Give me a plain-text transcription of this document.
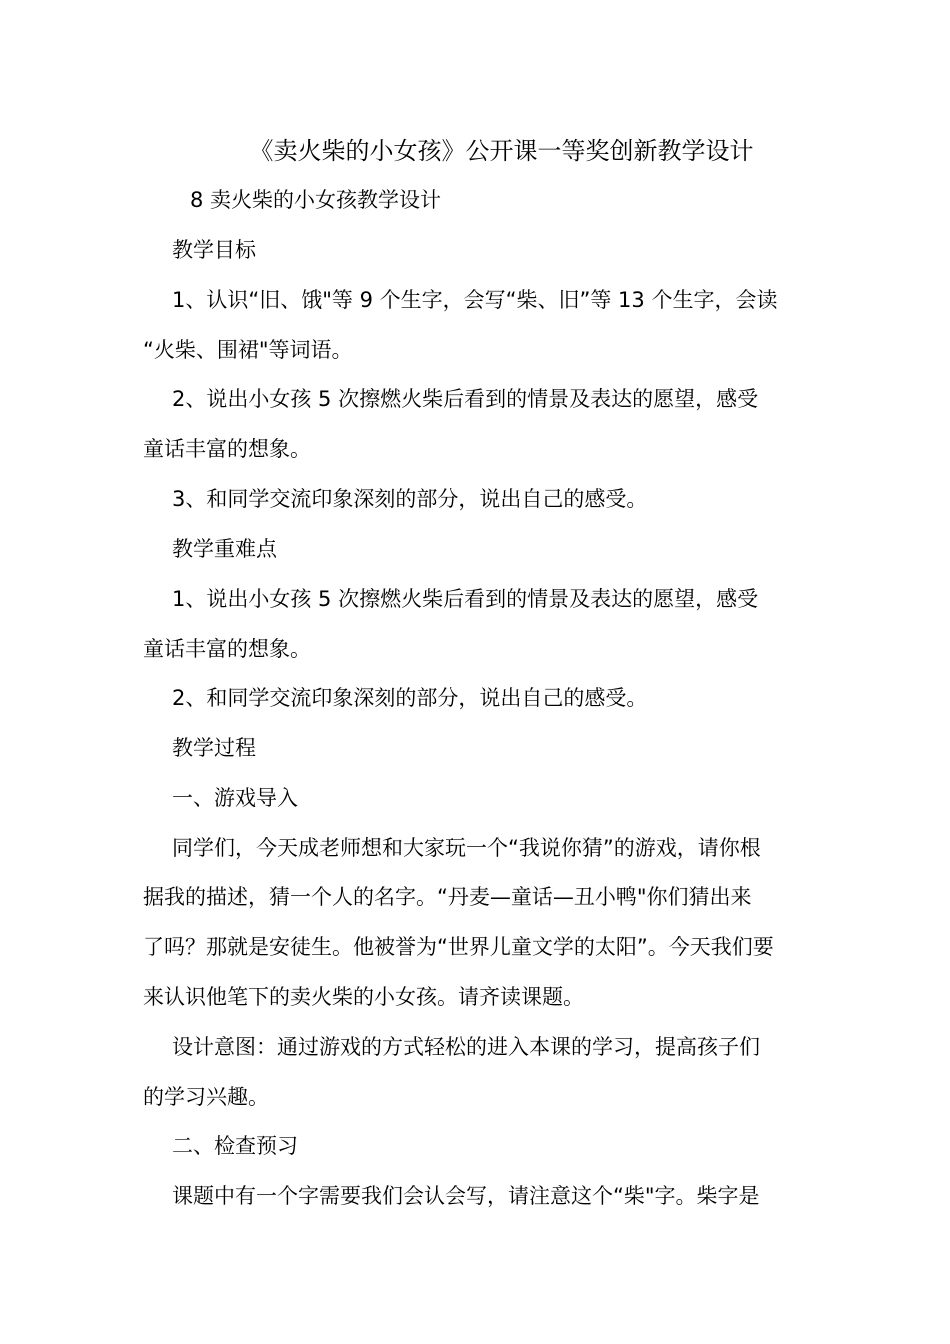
《卖火柴的小女孩》公开课一等奖创新教学设计
8 卖火柴的小女孩教学设计
教学目标
1、认识“旧、饿"等 9 个生字，会写“柴、旧”等 13 个生字，会读
“火柴、围裙"等词语。
2、说出小女孩 5 次擦燃火柴后看到的情景及表达的愿望，感受
童话丰富的想象。
3、和同学交流印象深刻的部分，说出自己的感受。
教学重难点
1、说出小女孩 5 次擦燃火柴后看到的情景及表达的愿望，感受
童话丰富的想象。
2、和同学交流印象深刻的部分，说出自己的感受。
教学过程
一、游戏导入
同学们，今天成老师想和大家玩一个“我说你猜”的游戏，请你根
据我的描述，猜一个人的名字。“丹麦—童话—丑小鸭"你们猜出来
了吗？那就是安徒生。他被誉为“世界儿童文学的太阳”。今天我们要
来认识他笔下的卖火柴的小女孩。请齐读课题。
设计意图：通过游戏的方式轻松的进入本课的学习，提高孩子们
的学习兴趣。
二、检查预习
课题中有一个字需要我们会认会写，请注意这个“柴"字。柴字是
